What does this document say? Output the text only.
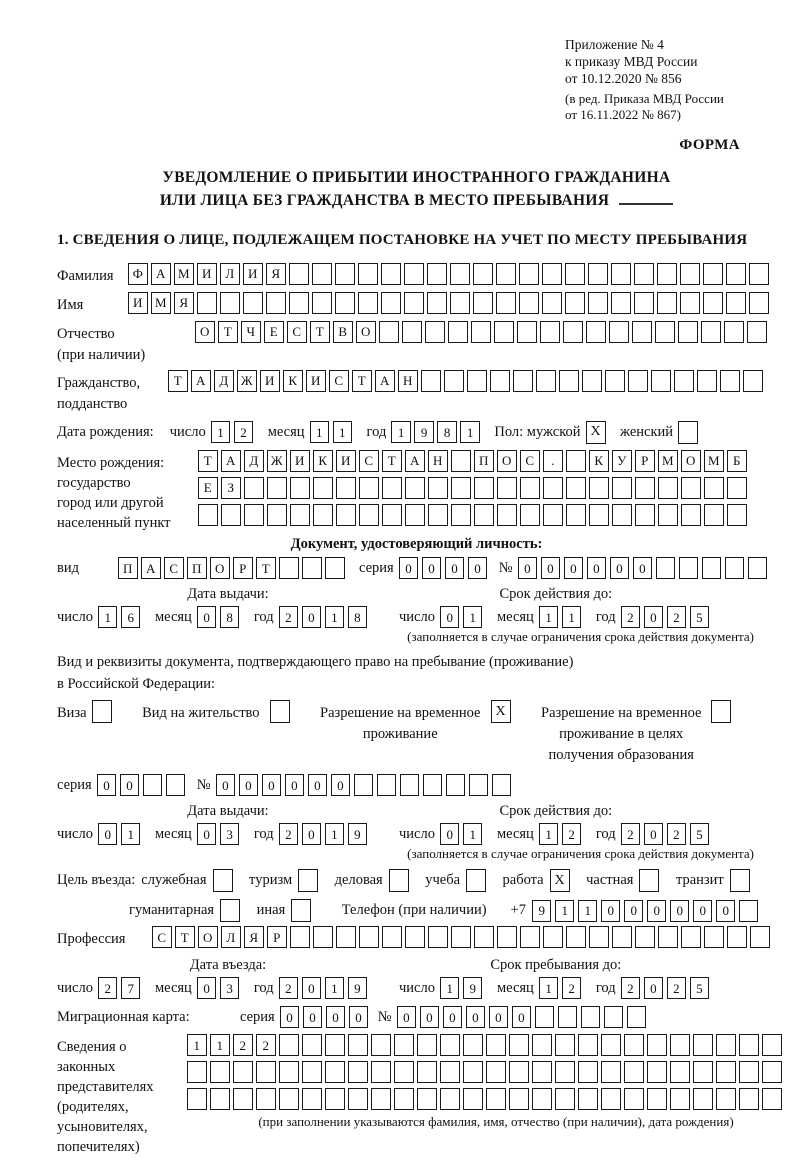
Приложение № 4
к приказу МВД России
от 10.12.2020 № 856
(в ред. Приказа МВД России
от 16.11.2022 № 867)
ФОРМА
УВЕДОМЛЕНИЕ О ПРИБЫТИИ ИНОСТРАННОГО ГРАЖДАНИНА
ИЛИ ЛИЦА БЕЗ ГРАЖДАНСТВА В МЕСТО ПРЕБЫВАНИЯ
1. СВЕДЕНИЯ О ЛИЦЕ, ПОДЛЕЖАЩЕМ ПОСТАНОВКЕ НА УЧЕТ ПО МЕСТУ ПРЕБЫВАНИЯ
Фамилия	Ф	А М И	Л	И	Я
Имя	И М Я
Отчество
(при наличии)
О	Т	Ч	Е	С	Т	В	О
Гражданство,
подданство
Т	А	Д Ж И	К	И	С	Т	А	Н
Дата рождения: число 1	2	месяц 1	1	год 1	9	8	1	Пол: мужской X	женский
Место рождения:
государство
город или другой
населенный пункт
Т	А	Д Ж И	К	И	С	Т	А	Н	П	О	С	.	К	У	Р	М О М	Б
Е	З
Документ, удостоверяющий личность:
вид	П	А	С	П	О	Р	Т	серия 0	0	0	0	№ 0	0	0	0	0	0
Дата выдачи:
число 1	6	месяц 0	8	год 2	0	1	8
Срок действия до:
число 0	1	месяц 1	1	год 2	0	2	5
(заполняется в случае ограничения срока действия документа)
Вид и реквизиты документа, подтверждающего право на пребывание (проживание)
в Российской Федерации:
Виза	Вид на жительство	Разрешение на временное
проживание
X	Разрешение на временное
проживание в целях
получения образования
серия 0	0	№ 0	0	0	0	0	0
Дата выдачи:
число 0	1	месяц 0	3	год 2	0	1	9
Срок действия до:
число 0	1	месяц 1	2	год 2	0	2	5
(заполняется в случае ограничения срока действия документа)
Цель въезда: служебная	туризм	деловая	учеба	работа X	частная	транзит
гуманитарная	иная	Телефон (при наличии) +7 9	1	1	0	0	0	0	0	0
Профессия	С	Т	О	Л	Я	Р
Дата въезда:
число 2	7	месяц 0	3	год 2	0	1	9
Срок пребывания до:
число 1	9	месяц 1	2	год 2	0	2	5
Миграционная карта:	серия 0	0	0	0	№ 0	0	0	0	0	0
Сведения о
законных
представителях
(родителях,
усыновителях,
попечителях)
1	1	2	2
(при заполнении указываются фамилия, имя, отчество (при наличии), дата рождения)
